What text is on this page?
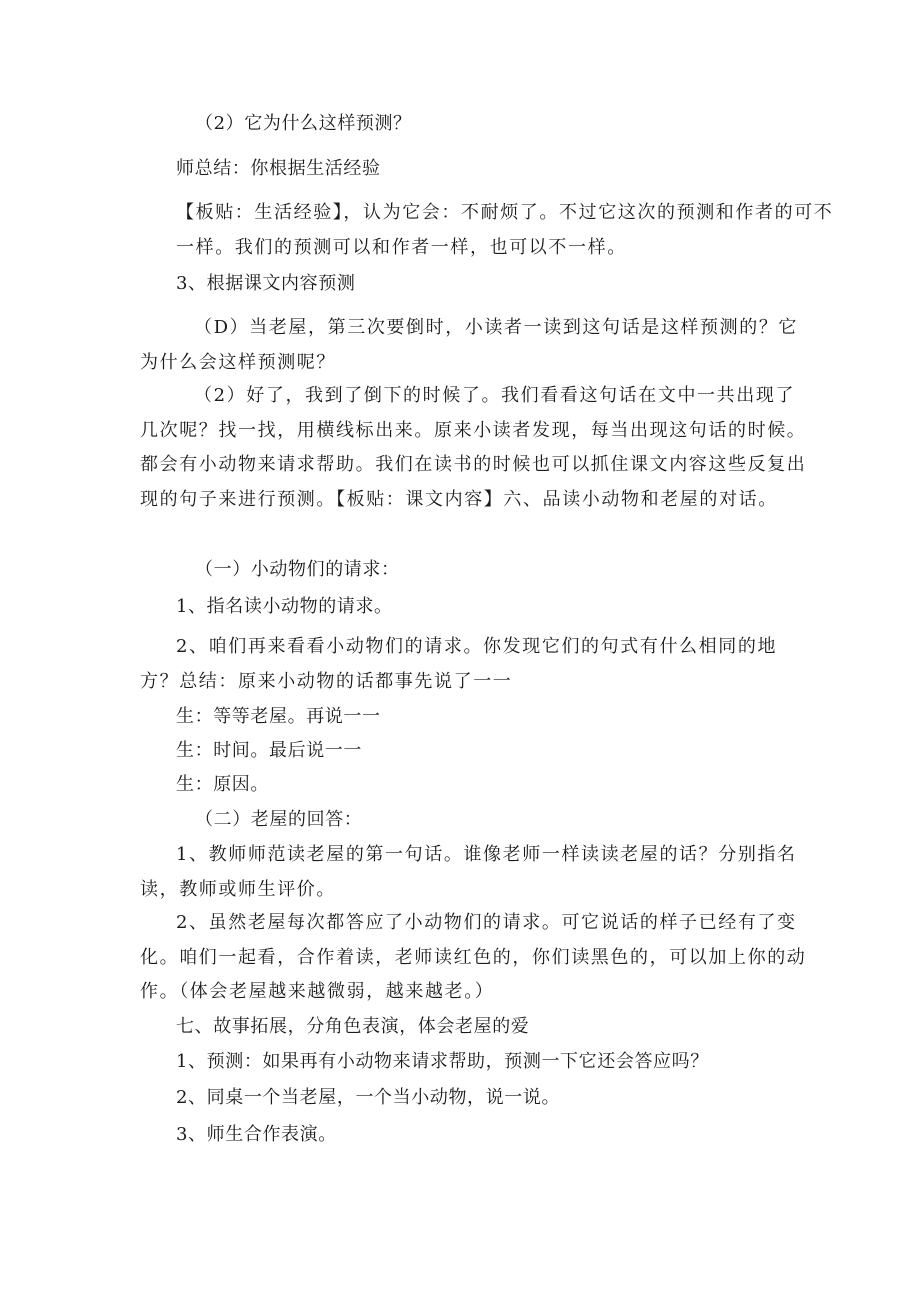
（2）它为什么这样预测？

师总结：你根据生活经验

【板贴：生活经验】，认为它会：不耐烦了。不过它这次的预测和作者的可不一样。我们的预测可以和作者一样，也可以不一样。

3、根据课文内容预测

（D）当老屋，第三次要倒时，小读者一读到这句话是这样预测的？它为什么会这样预测呢？

（2）好了，我到了倒下的时候了。我们看看这句话在文中一共出现了几次呢？找一找，用横线标出来。原来小读者发现，每当出现这句话的时候。都会有小动物来请求帮助。我们在读书的时候也可以抓住课文内容这些反复出现的句子来进行预测。【板贴：课文内容】六、品读小动物和老屋的对话。

（一）小动物们的请求：

1、指名读小动物的请求。

2、咱们再来看看小动物们的请求。你发现它们的句式有什么相同的地方？总结：原来小动物的话都事先说了一一

生：等等老屋。再说一一

生：时间。最后说一一

生：原因。

（二）老屋的回答：

1、教师师范读老屋的第一句话。谁像老师一样读读老屋的话？分别指名读，教师或师生评价。

2、虽然老屋每次都答应了小动物们的请求。可它说话的样子已经有了变化。咱们一起看，合作着读，老师读红色的，你们读黑色的，可以加上你的动作。（体会老屋越来越微弱，越来越老。）

七、故事拓展，分角色表演，体会老屋的爱

1、预测：如果再有小动物来请求帮助，预测一下它还会答应吗？

2、同桌一个当老屋，一个当小动物，说一说。

3、师生合作表演。
